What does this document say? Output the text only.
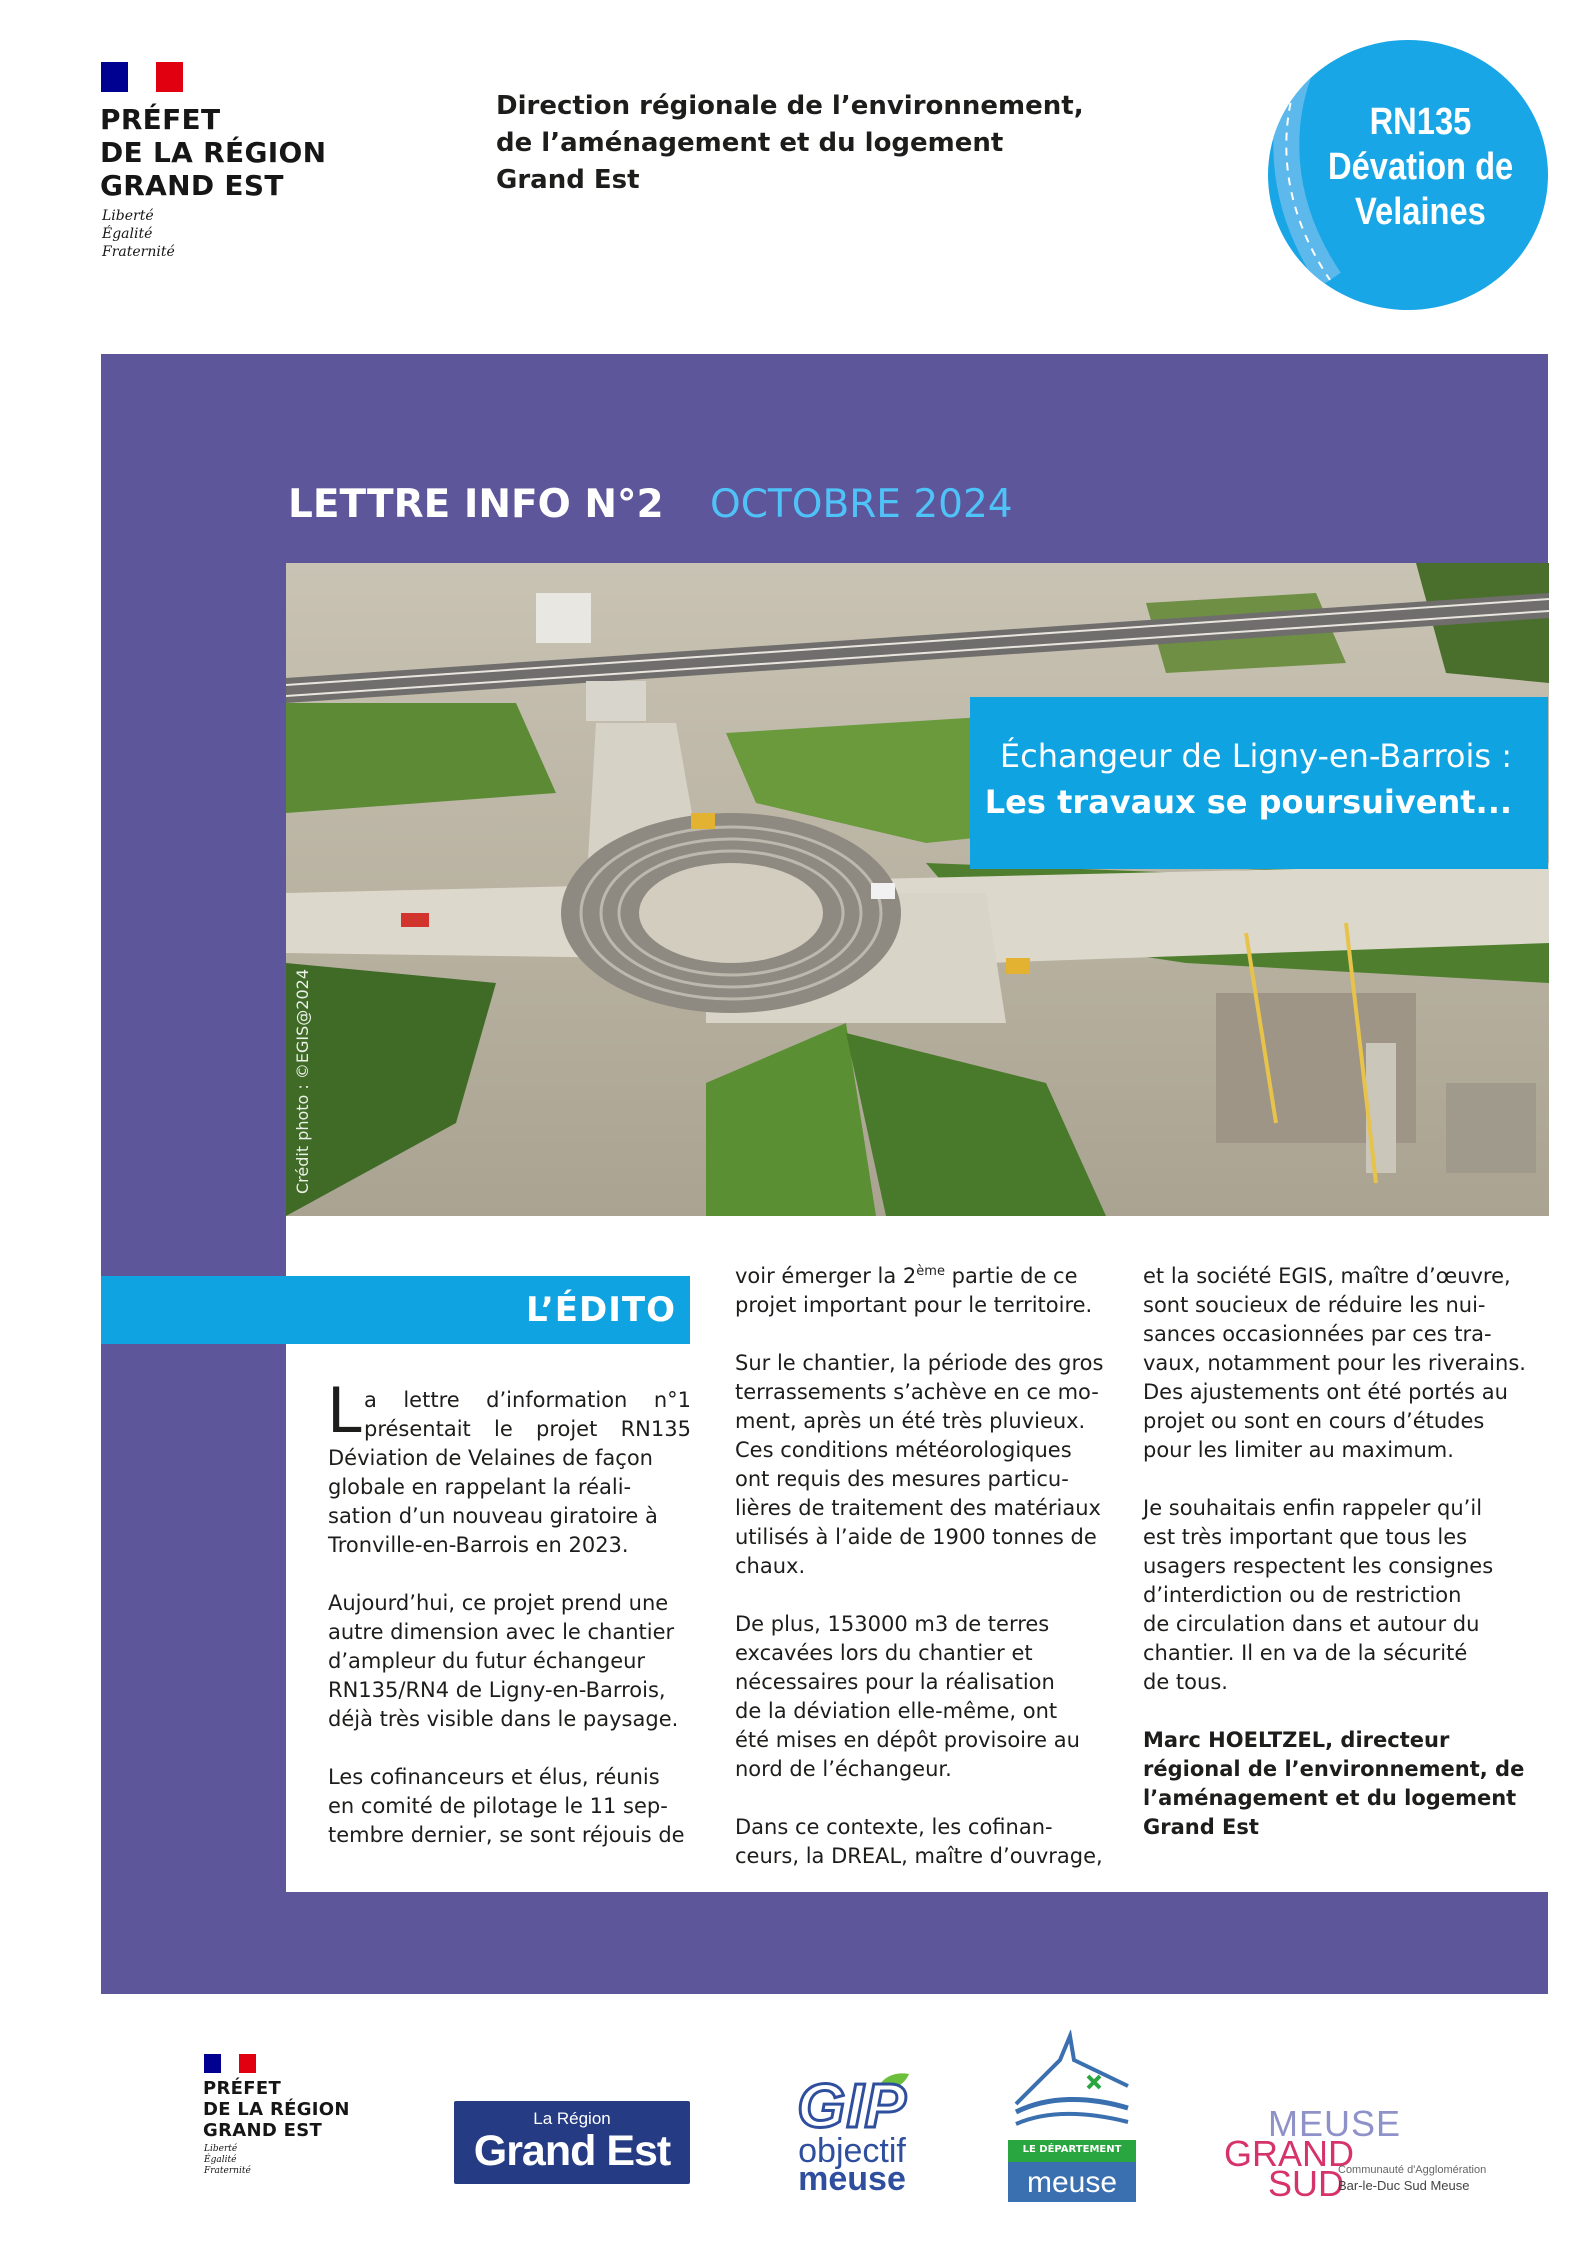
PRÉFET
DE LA RÉGION
GRAND EST
Liberté
Égalité
Fraternité
Direction régionale de l’environnement,
de l’aménagement et du logement
Grand Est
RN135
Dévation de
Velaines
LETTRE INFO N°2 OCTOBRE 2024
Crédit photo : ©EGIS@2024
Échangeur de Ligny-en-Barrois :
Les travaux se poursuivent...
L’ÉDITO
L a lettre d’information n°1
présentait le projet RN135
Déviation de Velaines de façon
globale en rappelant la réali-
sation d’un nouveau giratoire à
Tronville-en-Barrois en 2023.
Aujourd’hui, ce projet prend une
autre dimension avec le chantier
d’ampleur du futur échangeur
RN135/RN4 de Ligny-en-Barrois,
déjà très visible dans le paysage.
Les cofinanceurs et élus, réunis
en comité de pilotage le 11 sep-
tembre dernier, se sont réjouis de
voir émerger la 2ème partie de ce
projet important pour le territoire.
Sur le chantier, la période des gros
terrassements s’achève en ce mo-
ment, après un été très pluvieux.
Ces conditions météorologiques
ont requis des mesures particu-
lières de traitement des matériaux
utilisés à l’aide de 1900 tonnes de
chaux.
De plus, 153000 m3 de terres
excavées lors du chantier et
nécessaires pour la réalisation
de la déviation elle-même, ont
été mises en dépôt provisoire au
nord de l’échangeur.
Dans ce contexte, les cofinan-
ceurs, la DREAL, maître d’ouvrage,
et la société EGIS, maître d’œuvre,
sont soucieux de réduire les nui-
sances occasionnées par ces tra-
vaux, notamment pour les riverains.
Des ajustements ont été portés au
projet ou sont en cours d’études
pour les limiter au maximum.
Je souhaitais enfin rappeler qu’il
est très important que tous les
usagers respectent les consignes
d’interdiction ou de restriction
de circulation dans et autour du
chantier. Il en va de la sécurité
de tous.
Marc HOELTZEL, directeur
régional de l’environnement, de
l’aménagement et du logement
Grand Est
PRÉFET
DE LA RÉGION
GRAND EST
Liberté
Égalité
Fraternité
La Région
Grand Est
GIP
objectif
meuse
LE DÉPARTEMENT
meuse
MEUSE
GRAND
SUD
Communauté d'Agglomération
Bar-le-Duc Sud Meuse
